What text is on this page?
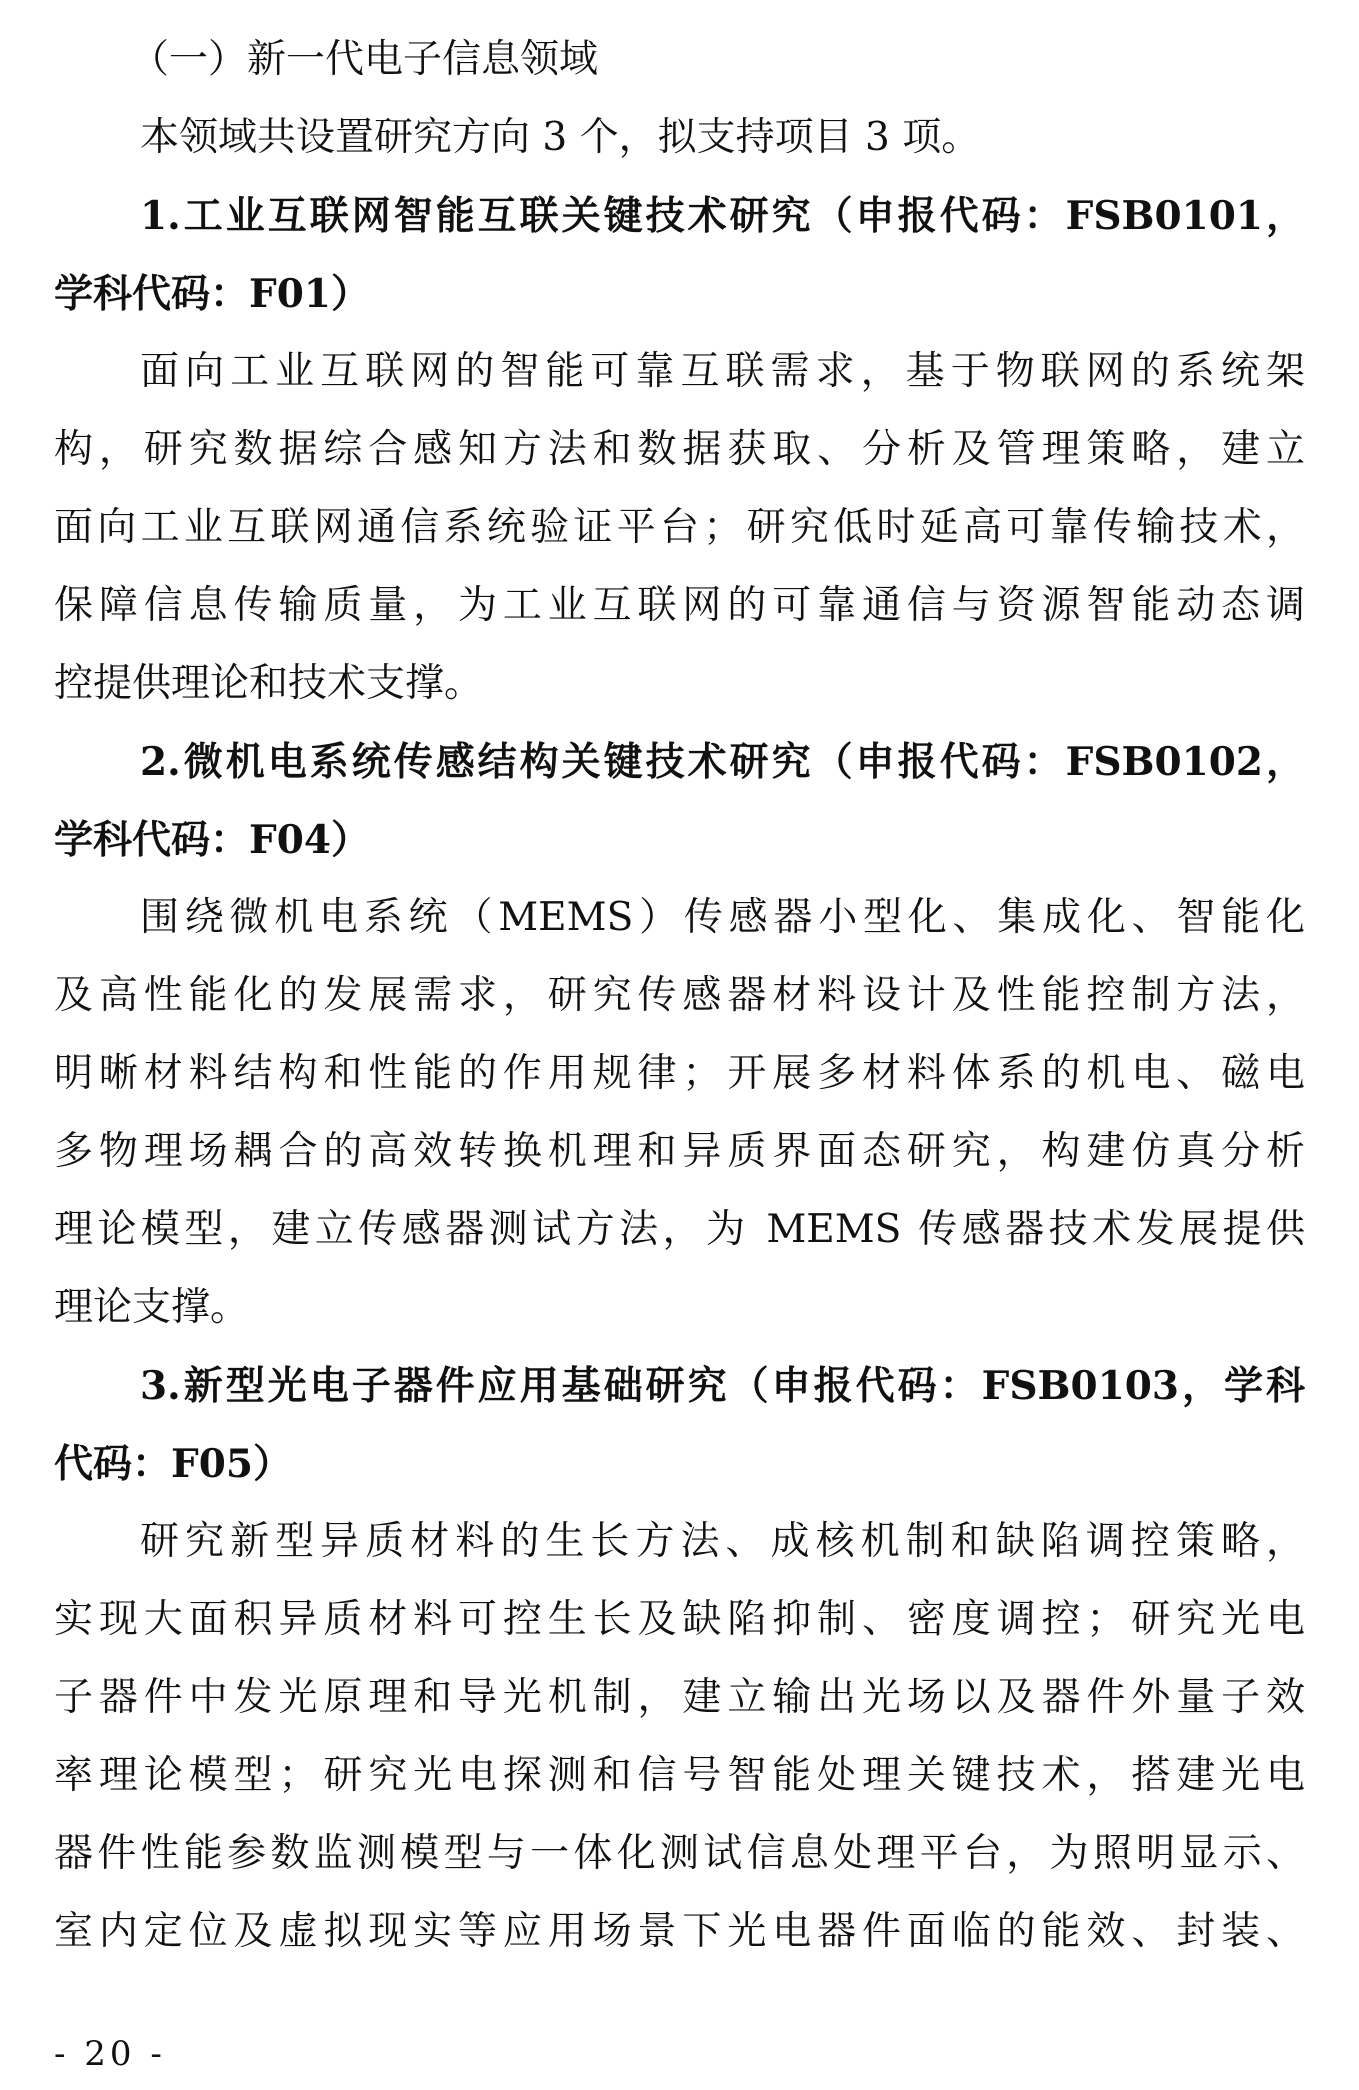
（一）新一代电子信息领域
本领域共设置研究方向 3 个，拟支持项目 3 项。
1.工业互联网智能互联关键技术研究（申报代码：FSB0101，
学科代码：F01）
面向工业互联网的智能可靠互联需求，基于物联网的系统架
构，研究数据综合感知方法和数据获取、分析及管理策略，建立
面向工业互联网通信系统验证平台；研究低时延高可靠传输技术，
保障信息传输质量，为工业互联网的可靠通信与资源智能动态调
控提供理论和技术支撑。
2.微机电系统传感结构关键技术研究（申报代码：FSB0102，
学科代码：F04）
围绕微机电系统（MEMS）传感器小型化、集成化、智能化
及高性能化的发展需求，研究传感器材料设计及性能控制方法，
明晰材料结构和性能的作用规律；开展多材料体系的机电、磁电
多物理场耦合的高效转换机理和异质界面态研究，构建仿真分析
理论模型，建立传感器测试方法，为 MEMS 传感器技术发展提供
理论支撑。
3.新型光电子器件应用基础研究（申报代码：FSB0103，学科
代码：F05）
研究新型异质材料的生长方法、成核机制和缺陷调控策略，
实现大面积异质材料可控生长及缺陷抑制、密度调控；研究光电
子器件中发光原理和导光机制，建立输出光场以及器件外量子效
率理论模型；研究光电探测和信号智能处理关键技术，搭建光电
器件性能参数监测模型与一体化测试信息处理平台，为照明显示、
室内定位及虚拟现实等应用场景下光电器件面临的能效、封装、
- 20 -
